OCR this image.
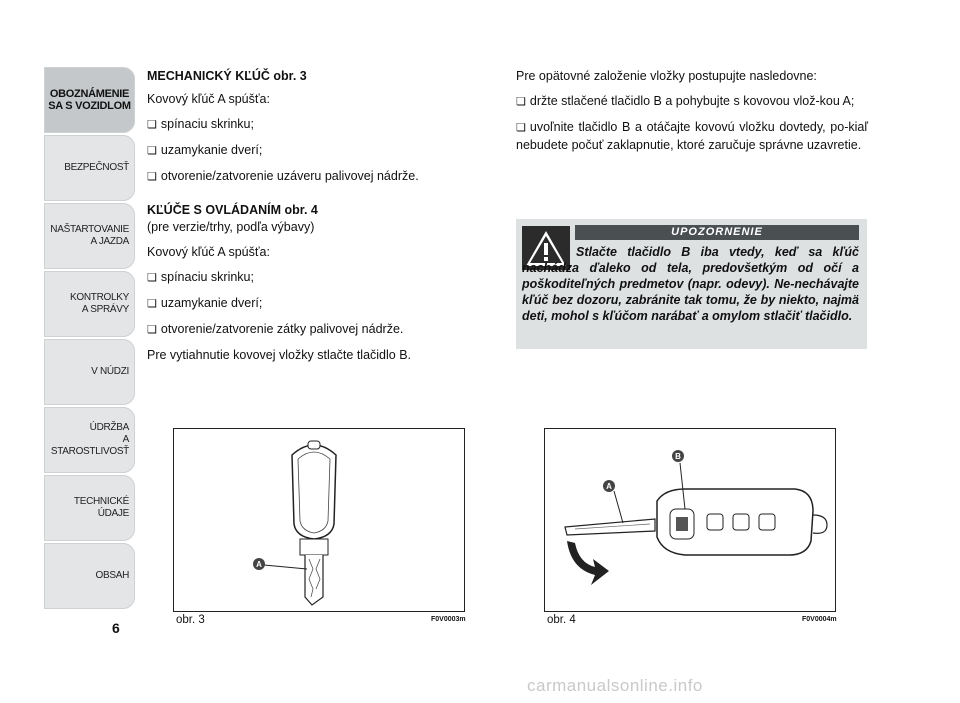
OBOZNÁMENIE
SA S VOZIDLOM
BEZPEČNOSŤ
NAŠTARTOVANIE
A JAZDA
KONTROLKY
A SPRÁVY
V NÚDZI
ÚDRŽBA
A STAROSTLIVOSŤ
TECHNICKÉ
ÚDAJE
OBSAH
6
MECHANICKÝ KĽÚČ obr. 3
Kovový kľúč A spúšťa:
❏ spínaciu skrinku;
❏ uzamykanie dverí;
❏ otvorenie/zatvorenie uzáveru palivovej nádrže.
KĽÚČE S OVLÁDANÍM obr. 4
(pre verzie/trhy, podľa výbavy)
Kovový kľúč A spúšťa:
❏ spínaciu skrinku;
❏ uzamykanie dverí;
❏ otvorenie/zatvorenie zátky palivovej nádrže.
Pre vytiahnutie kovovej vložky stlačte tlačidlo B.
Pre opätovné založenie vložky postupujte nasledovne:
❏ držte stlačené tlačidlo B a pohybujte s kovovou vlož-kou A;
❏ uvoľnite tlačidlo B a otáčajte kovovú vložku dovtedy, po-kiaľ nebudete počuť zaklapnutie, ktoré zaručuje správne uzavretie.
UPOZORNENIE
Stlačte tlačidlo B iba vtedy, keď sa kľúč nachádza ďaleko od tela, predovšetkým od očí a poškoditeľných predmetov (napr. odevy). Ne-nechávajte kľúč bez dozoru, zabránite tak tomu, že by niekto, najmä deti, mohol s kľúčom narábať a omylom stlačiť tlačidlo.
A
obr. 3	F0V0003m
B
A
obr. 4	F0V0004m
carmanualsonline.info
